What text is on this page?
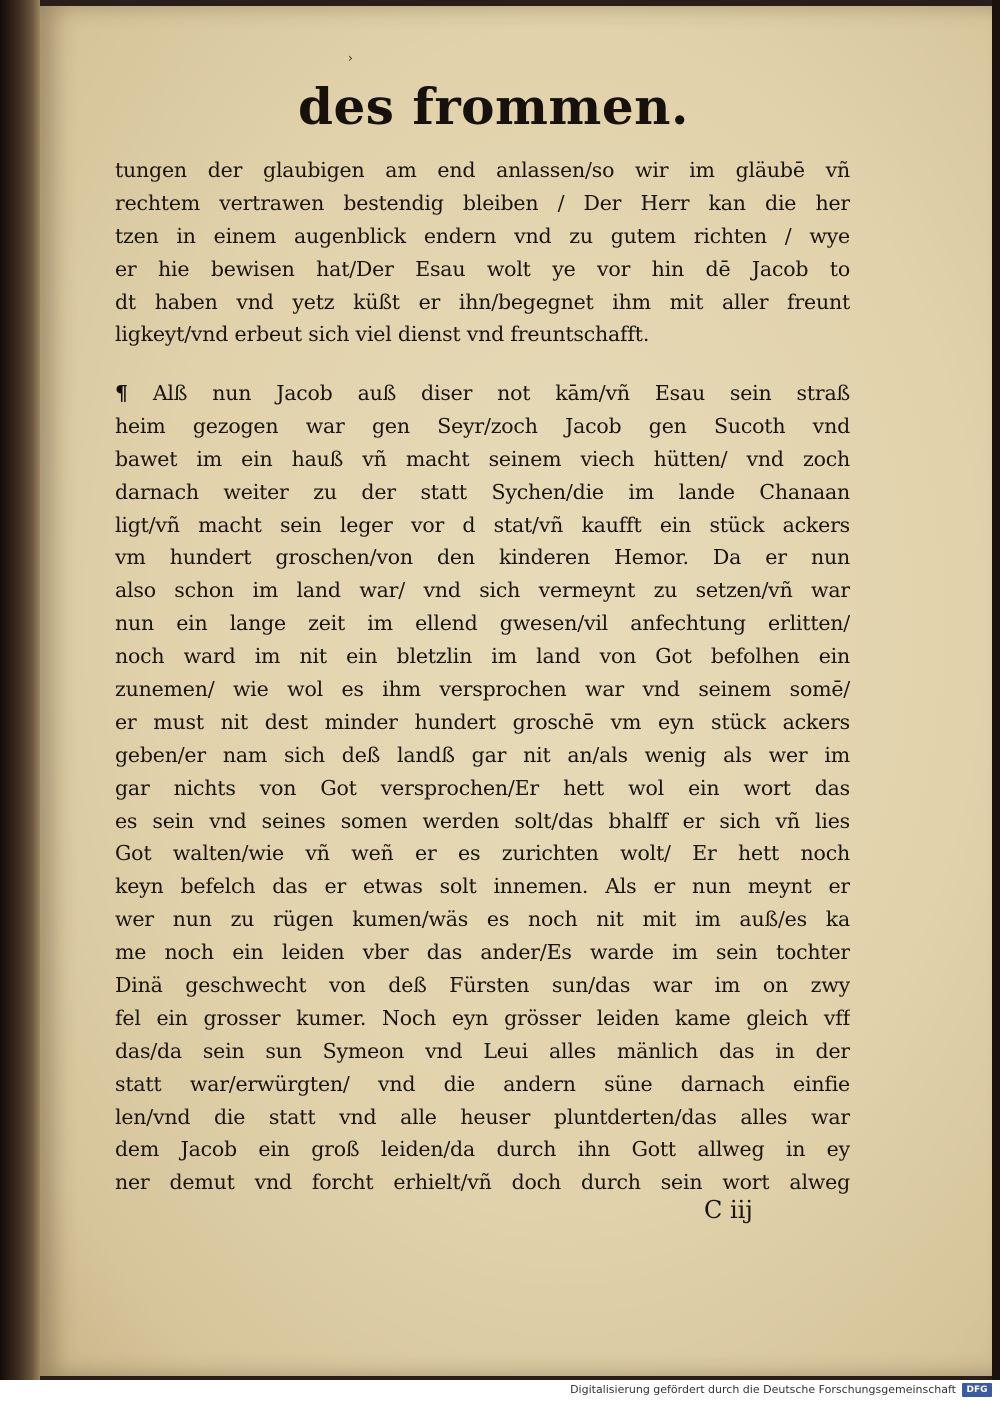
›
des frommen.
tungen der glaubigen am end anlassen/so wir im gläubē vñ
rechtem vertrawen bestendig bleiben / Der Herr kan die her
tzen in einem augenblick endern vnd zu gutem richten / wye
er hie bewisen hat/Der Esau wolt ye vor hin dē Jacob to
dt haben vnd yetz küßt er ihn/begegnet ihm mit aller freunt
ligkeyt/vnd erbeut sich viel dienst vnd freuntschafft.
¶ Alß nun Jacob auß diser not kām/vñ Esau sein straß
heim gezogen war gen Seyr/zoch Jacob gen Sucoth vnd
bawet im ein hauß vñ macht seinem viech hütten/ vnd zoch
darnach weiter zu der statt Sychen/die im lande Chanaan
ligt/vñ macht sein leger vor d stat/vñ kaufft ein stück ackers
vm hundert groschen/von den kinderen Hemor. Da er nun
also schon im land war/ vnd sich vermeynt zu setzen/vñ war
nun ein lange zeit im ellend gwesen/vil anfechtung erlitten/
noch ward im nit ein bletzlin im land von Got befolhen ein
zunemen/ wie wol es ihm versprochen war vnd seinem somē/
er must nit dest minder hundert groschē vm eyn stück ackers
geben/er nam sich deß landß gar nit an/als wenig als wer im
gar nichts von Got versprochen/Er hett wol ein wort das
es sein vnd seines somen werden solt/das bhalff er sich vñ lies
Got walten/wie vñ weñ er es zurichten wolt/ Er hett noch
keyn befelch das er etwas solt innemen. Als er nun meynt er
wer nun zu rügen kumen/wäs es noch nit mit im auß/es ka
me noch ein leiden vber das ander/Es warde im sein tochter
Dinä geschwecht von deß Fürsten sun/das war im on zwy
fel ein grosser kumer. Noch eyn grösser leiden kame gleich vff
das/da sein sun Symeon vnd Leui alles mänlich das in der
statt war/erwürgten/ vnd die andern süne darnach einfie
len/vnd die statt vnd alle heuser pluntderten/das alles war
dem Jacob ein groß leiden/da durch ihn Gott allweg in ey
ner demut vnd forcht erhielt/vñ doch durch sein wort alweg
C iij
Digitalisierung gefördert durch die Deutsche Forschungsgemeinschaft	DFG
